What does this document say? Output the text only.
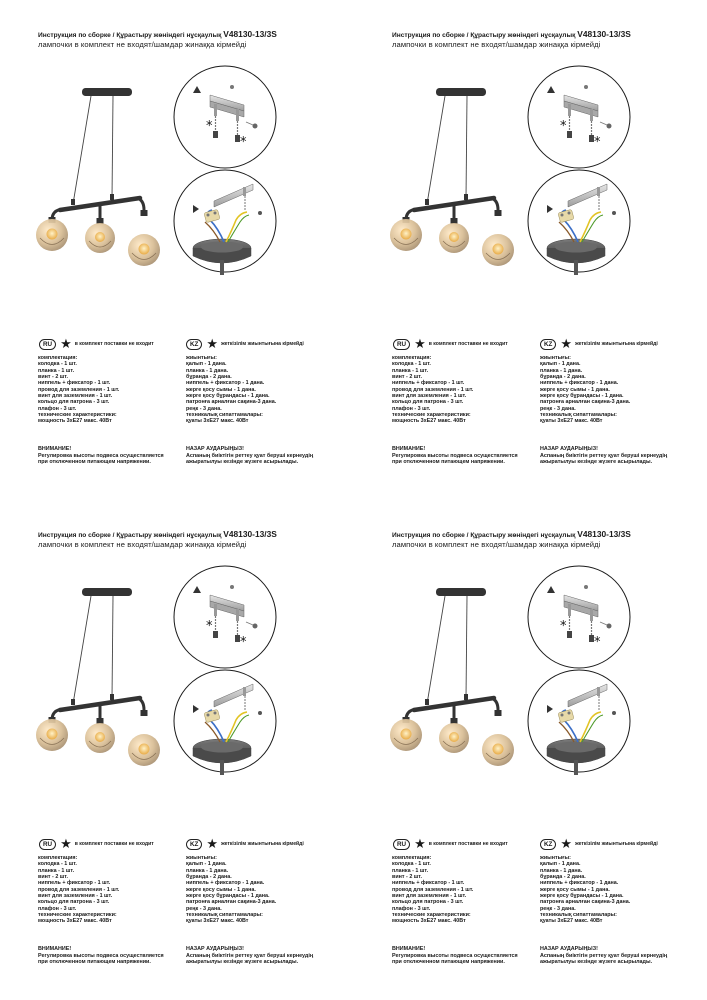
Инструкция по сборке / Құрастыру жөніндегі нұсқаулық V48130-13/3S
лампочки в комплект не входят/шамдар жинаққа кірмейді
*
*
RU ★ в комплект поставки не входит	KZ ★ жеткізілім жиынтығына кірмейді
комплектация:
колодка - 1 шт.
планка - 1 шт.
винт - 2 шт.
ниппель + фиксатор - 1 шт.
провод для заземления - 1 шт.
винт для заземления - 1 шт.
кольцо для патрона - 3 шт.
плафон - 3 шт.
технические характеристики:
мощность 3хE27 макс. 40Вт
жиынтығы:
қалып - 1 дана.
планка - 1 дана.
бұранда - 2 дана.
ниппель + фиксатор - 1 дана.
жерге қосу сымы - 1 дана.
жерге қосу бұрандасы - 1 дана.
патронға арналған сақина-3 дана.
реңк - 3 дана.
техникалық сипаттамалары:
қуаты 3хE27 макс. 40Вт
ВНИМАНИЕ!
Регулировка высоты подвеса осуществляется
при отключенном питающем напряжении.
НАЗАР АУДАРЫҢЫЗ!
Аспаның биіктігін реттеу қуат беруші кернеудің
ажыратылуы кезінде жүзеге асырылады.
Инструкция по сборке / Құрастыру жөніндегі нұсқаулық V48130-13/3S
лампочки в комплект не входят/шамдар жинаққа кірмейді
*
*
RU ★ в комплект поставки не входит	KZ ★ жеткізілім жиынтығына кірмейді
комплектация:
колодка - 1 шт.
планка - 1 шт.
винт - 2 шт.
ниппель + фиксатор - 1 шт.
провод для заземления - 1 шт.
винт для заземления - 1 шт.
кольцо для патрона - 3 шт.
плафон - 3 шт.
технические характеристики:
мощность 3хE27 макс. 40Вт
жиынтығы:
қалып - 1 дана.
планка - 1 дана.
бұранда - 2 дана.
ниппель + фиксатор - 1 дана.
жерге қосу сымы - 1 дана.
жерге қосу бұрандасы - 1 дана.
патронға арналған сақина-3 дана.
реңк - 3 дана.
техникалық сипаттамалары:
қуаты 3хE27 макс. 40Вт
ВНИМАНИЕ!
Регулировка высоты подвеса осуществляется
при отключенном питающем напряжении.
НАЗАР АУДАРЫҢЫЗ!
Аспаның биіктігін реттеу қуат беруші кернеудің
ажыратылуы кезінде жүзеге асырылады.
Инструкция по сборке / Құрастыру жөніндегі нұсқаулық V48130-13/3S
лампочки в комплект не входят/шамдар жинаққа кірмейді
*
*
RU ★ в комплект поставки не входит	KZ ★ жеткізілім жиынтығына кірмейді
комплектация:
колодка - 1 шт.
планка - 1 шт.
винт - 2 шт.
ниппель + фиксатор - 1 шт.
провод для заземления - 1 шт.
винт для заземления - 1 шт.
кольцо для патрона - 3 шт.
плафон - 3 шт.
технические характеристики:
мощность 3хE27 макс. 40Вт
жиынтығы:
қалып - 1 дана.
планка - 1 дана.
бұранда - 2 дана.
ниппель + фиксатор - 1 дана.
жерге қосу сымы - 1 дана.
жерге қосу бұрандасы - 1 дана.
патронға арналған сақина-3 дана.
реңк - 3 дана.
техникалық сипаттамалары:
қуаты 3хE27 макс. 40Вт
ВНИМАНИЕ!
Регулировка высоты подвеса осуществляется
при отключенном питающем напряжении.
НАЗАР АУДАРЫҢЫЗ!
Аспаның биіктігін реттеу қуат беруші кернеудің
ажыратылуы кезінде жүзеге асырылады.
Инструкция по сборке / Құрастыру жөніндегі нұсқаулық V48130-13/3S
лампочки в комплект не входят/шамдар жинаққа кірмейді
*
*
RU ★ в комплект поставки не входит	KZ ★ жеткізілім жиынтығына кірмейді
комплектация:
колодка - 1 шт.
планка - 1 шт.
винт - 2 шт.
ниппель + фиксатор - 1 шт.
провод для заземления - 1 шт.
винт для заземления - 1 шт.
кольцо для патрона - 3 шт.
плафон - 3 шт.
технические характеристики:
мощность 3хE27 макс. 40Вт
жиынтығы:
қалып - 1 дана.
планка - 1 дана.
бұранда - 2 дана.
ниппель + фиксатор - 1 дана.
жерге қосу сымы - 1 дана.
жерге қосу бұрандасы - 1 дана.
патронға арналған сақина-3 дана.
реңк - 3 дана.
техникалық сипаттамалары:
қуаты 3хE27 макс. 40Вт
ВНИМАНИЕ!
Регулировка высоты подвеса осуществляется
при отключенном питающем напряжении.
НАЗАР АУДАРЫҢЫЗ!
Аспаның биіктігін реттеу қуат беруші кернеудің
ажыратылуы кезінде жүзеге асырылады.
